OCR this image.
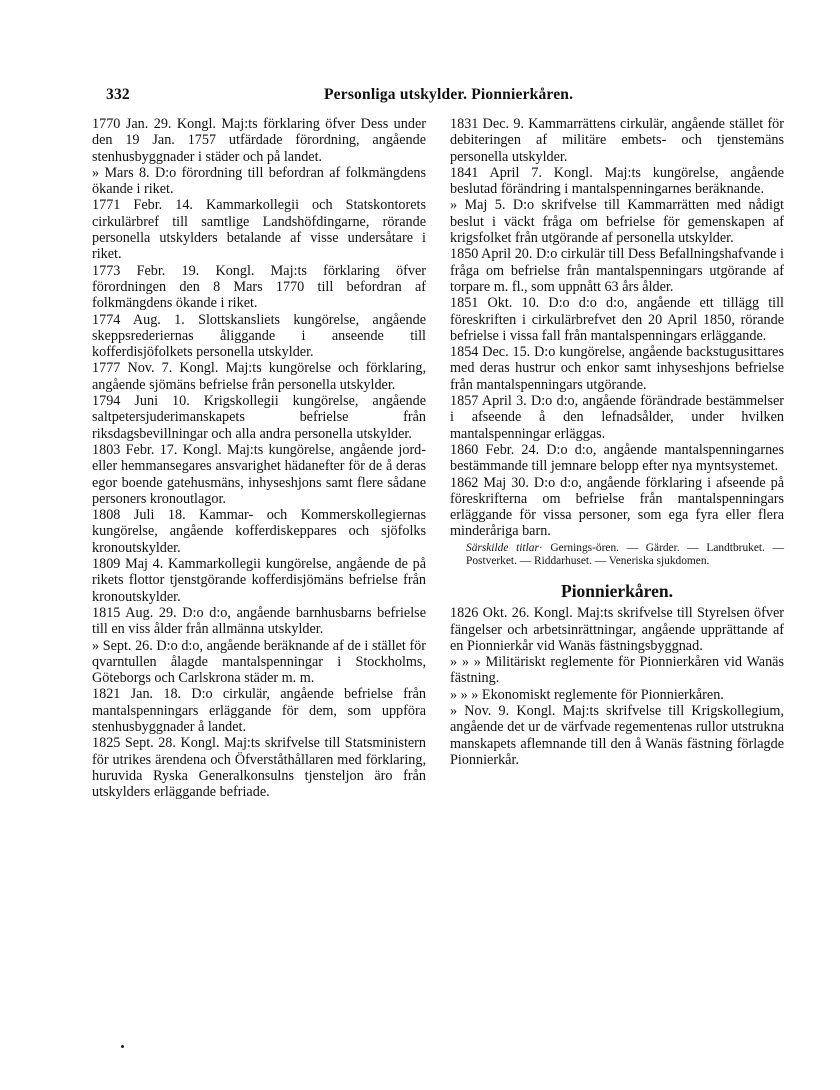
332	Personliga utskylder. Pionnierkåren.
1770 Jan. 29. Kongl. Maj:ts förklaring öfver Dess under den 19 Jan. 1757 utfärdade förordning, angående stenhusbyggnader i städer och på landet.
» Mars 8. D:o förordning till befordran af folkmängdens ökande i riket.
1771 Febr. 14. Kammarkollegii och Statskontorets cirkulärbref till samtlige Landshöfdingarne, rörande personella utskylders betalande af visse undersåtare i riket.
1773 Febr. 19. Kongl. Maj:ts förklaring öfver förordningen den 8 Mars 1770 till befordran af folkmängdens ökande i riket.
1774 Aug. 1. Slottskansliets kungörelse, angående skeppsrederiernas åliggande i anseende till kofferdisjöfolkets personella utskylder.
1777 Nov. 7. Kongl. Maj:ts kungörelse och förklaring, angående sjömäns befrielse från personella utskylder.
1794 Juni 10. Krigskollegii kungörelse, angående saltpetersjuderimanskapets befrielse från riksdagsbevillningar och alla andra personella utskylder.
1803 Febr. 17. Kongl. Maj:ts kungörelse, angående jord- eller hemmansegares ansvarighet hädanefter för de å deras egor boende gatehusmäns, inhyseshjons samt flere sådane personers kronoutlagor.
1808 Juli 18. Kammar- och Kommerskollegiernas kungörelse, angående kofferdiskeppares och sjöfolks kronoutskylder.
1809 Maj 4. Kammarkollegii kungörelse, angående de på rikets flottor tjenstgörande kofferdisjömäns befrielse från kronoutskylder.
1815 Aug. 29. D:o d:o, angående barnhusbarns befrielse till en viss ålder från allmänna utskylder.
» Sept. 26. D:o d:o, angående beräknande af de i stället för qvarntullen ålagde mantalspenningar i Stockholms, Göteborgs och Carlskrona städer m. m.
1821 Jan. 18. D:o cirkulär, angående befrielse från mantalspenningars erläggande för dem, som uppföra stenhusbyggnader å landet.
1825 Sept. 28. Kongl. Maj:ts skrifvelse till Statsministern för utrikes ärendena och Öfverståthållaren med förklaring, huruvida Ryska Generalkonsulns tjensteljon äro från utskylders erläggande befriade.
1831 Dec. 9. Kammarrättens cirkulär, angående stället för debiteringen af militäre embets- och tjenstemäns personella utskylder.
1841 April 7. Kongl. Maj:ts kungörelse, angående beslutad förändring i mantalspenningarnes beräknande.
» Maj 5. D:o skrifvelse till Kammarrätten med nådigt beslut i väckt fråga om befrielse för gemenskapen af krigsfolket från utgörande af personella utskylder.
1850 April 20. D:o cirkulär till Dess Befallningshafvande i fråga om befrielse från mantalspenningars utgörande af torpare m. fl., som uppnått 63 års ålder.
1851 Okt. 10. D:o d:o d:o, angående ett tillägg till föreskriften i cirkulärbrefvet den 20 April 1850, rörande befrielse i vissa fall från mantalspenningars erläggande.
1854 Dec. 15. D:o kungörelse, angående backstugusittares med deras hustrur och enkor samt inhyseshjons befrielse från mantalspenningars utgörande.
1857 April 3. D:o d:o, angående förändrade bestämmelser i afseende å den lefnadsålder, under hvilken mantalspenningar erläggas.
1860 Febr. 24. D:o d:o, angående mantalspenningarnes bestämmande till jemnare belopp efter nya myntsystemet.
1862 Maj 30. D:o d:o, angående förklaring i afseende på föreskrifterna om befrielse från mantalspenningars erläggande för vissa personer, som ega fyra eller flera minderåriga barn.
Särskilde titlar· Gernings-ören. — Gärder. — Landtbruket. — Postverket. — Riddarhuset. — Veneriska sjukdomen.
Pionnierkåren.
1826 Okt. 26. Kongl. Maj:ts skrifvelse till Styrelsen öfver fängelser och arbetsinrättningar, angående upprättande af en Pionnierkår vid Wanäs fästningsbyggnad.
» » » Militäriskt reglemente för Pionnierkåren vid Wanäs fästning.
» » » Ekonomiskt reglemente för Pionnierkåren.
» Nov. 9. Kongl. Maj:ts skrifvelse till Krigskollegium, angående det ur de värfvade regementenas rullor utstrukna manskapets aflemnande till den å Wanäs fästning förlagde Pionnierkår.
